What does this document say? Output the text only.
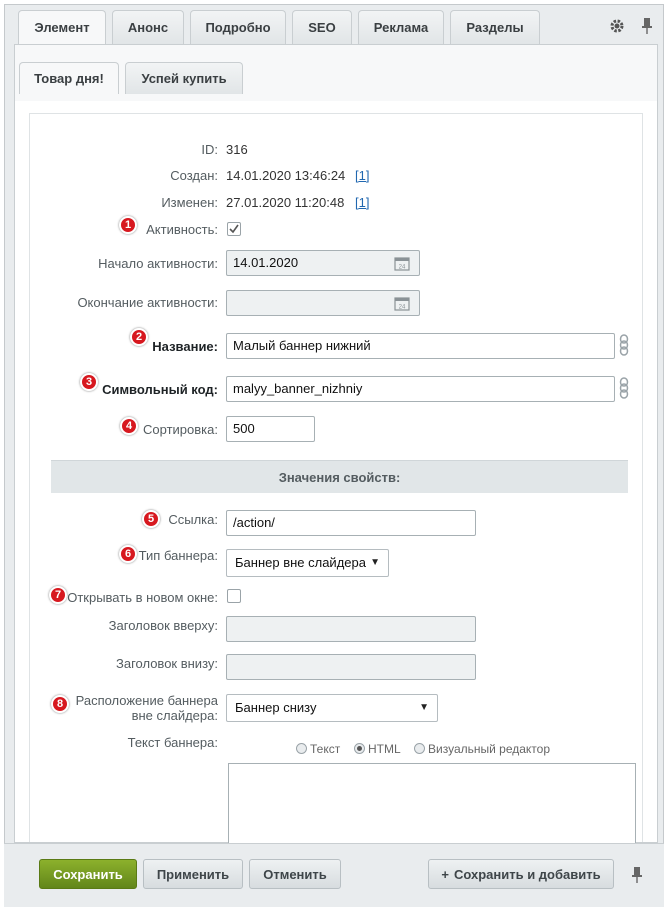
Элемент	Анонс	Подробно	SEO	Реклама	Разделы
Товар дня!	Успей купить
ID: 316
Создан: 14.01.2020 13:46:24 [1]
Изменен: 27.01.2020 11:20:48 [1]
Активность:
Начало активности:	14.01.2020	24
Окончание активности:	24
Название:	Малый баннер нижний
Символьный код:	malyy_banner_nizhniy
Сортировка:	500
Значения свойств:
Ссылка:	/action/
Тип баннера:	Баннер вне слайдера ▼
Открывать в новом окне:
Заголовок вверху:
Заголовок внизу:
Расположение баннера
вне слайдера:
Баннер снизу	▼
Текст баннера:	Текст	HTML	Визуальный редактор
1
2
3
4
5
6
7
8
Сохранить	Применить	Отменить	+ Сохранить и добавить
